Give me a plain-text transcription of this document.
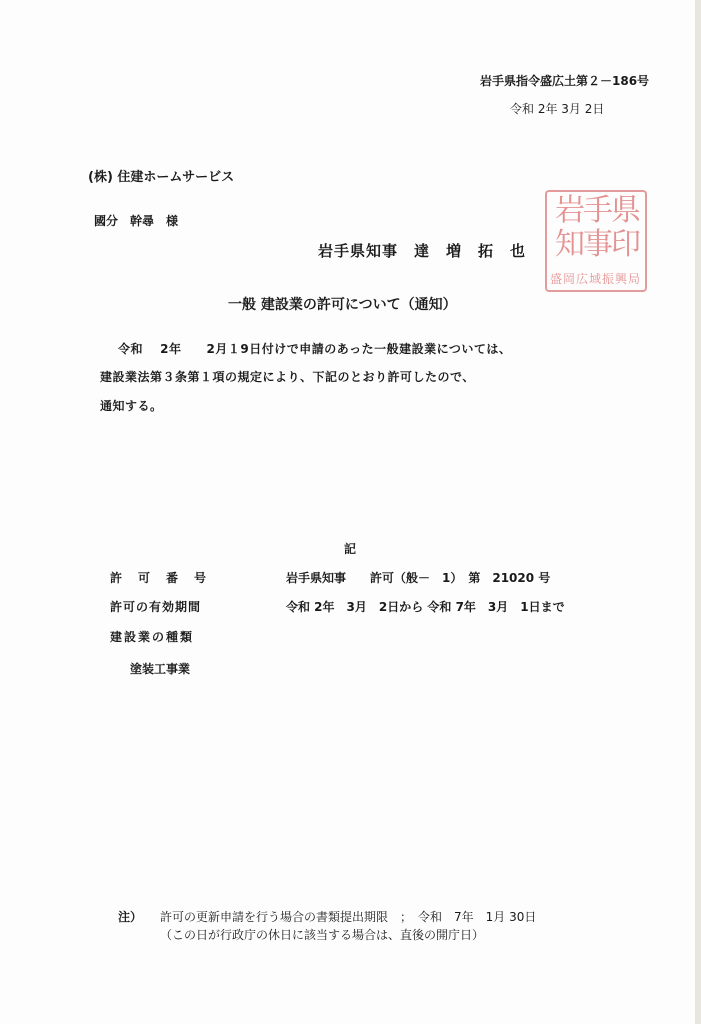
岩手県指令盛広土第２－186号
令和 2年 3月 2日
(株) 住建ホームサービス
國分　幹尋　様
岩手県知事　達　増　拓　也
岩
手
県
知
事
印
盛岡広域振興局
一般 建設業の許可について（通知）
令和　 2年　　2月１9日付けで申請のあった一般建設業については、
建設業法第３条第１項の規定により、下記のとおり許可したので、
通知する。
記
許　可　番　号	岩手県知事　　許可（般－　1）　第　21020 号
許可の有効期間	令和 2年　3月　2日から 令和 7年　3月　1日まで
建設業の種類
塗装工事業
注） 許可の更新申請を行う場合の書類提出期限　；　令和　7年　1月 30日
（この日が行政庁の休日に該当する場合は、直後の開庁日）
